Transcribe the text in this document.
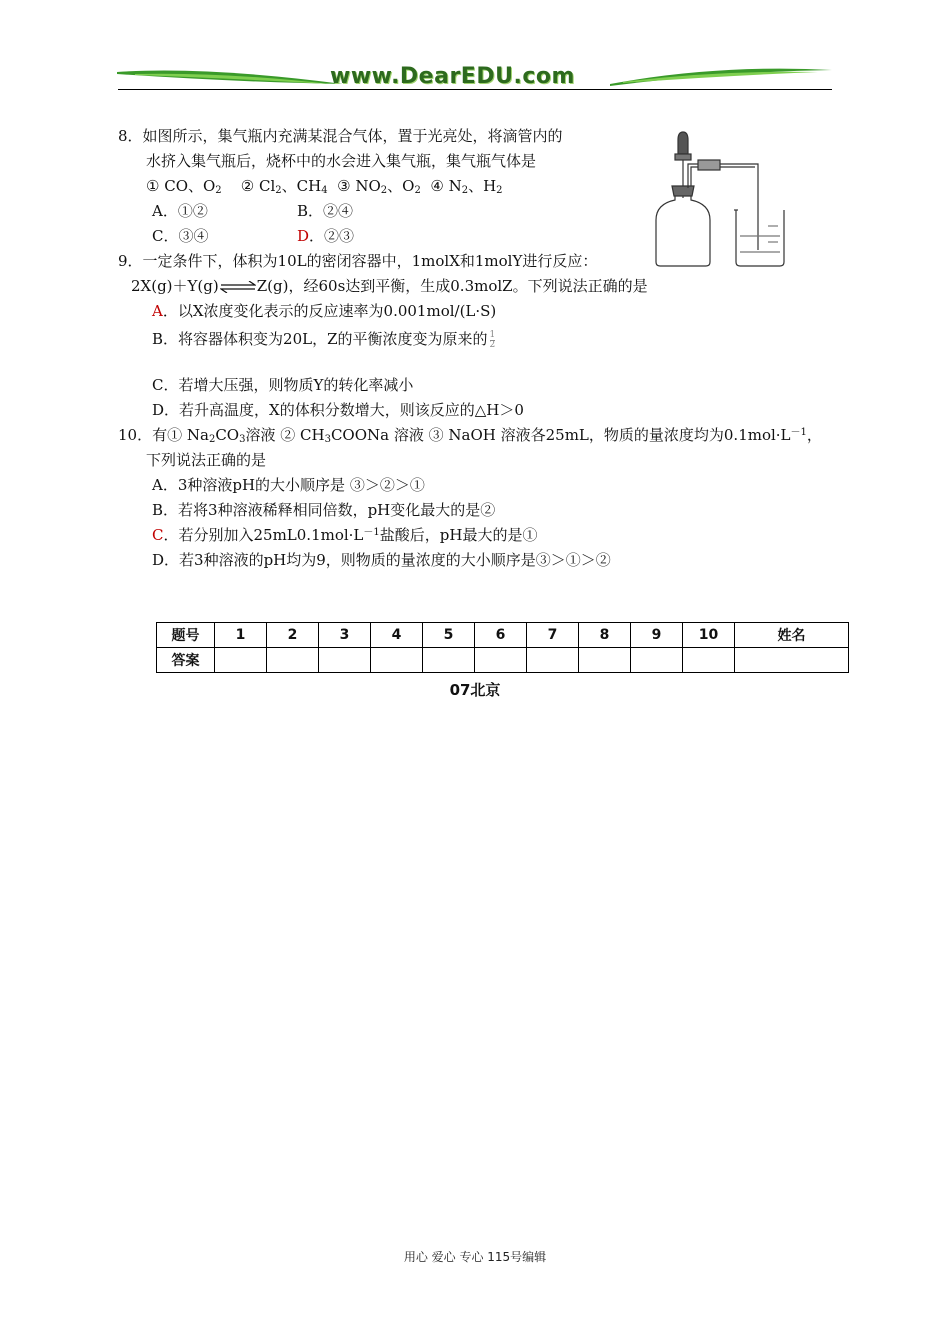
www.DearEDU.com
8．如图所示，集气瓶内充满某混合气体，置于光亮处，将滴管内的
水挤入集气瓶后，烧杯中的水会进入集气瓶，集气瓶气体是
① CO、$O_2$ ② $Cl_2$、$CH_4$ ③ $NO_2$、$O_2$ ④ $N_2$、$H_2$
A．①②	B．②④
C．③④	D．②③
9．一定条件下，体积为10L的密闭容器中，1molX和1molY进行反应：
2X(g)＋Y(g)⇌Z(g)，经60s达到平衡，生成0.3molZ。下列说法正确的是
A．以X浓度变化表示的反应速率为0.001mol/(L·S)
B．将容器体积变为20L，Z的平衡浓度变为原来的 $\frac{1}{2}$
C．若增大压强，则物质Y的转化率减小
D．若升高温度，X的体积分数增大，则该反应的△H＞0
10．有① $Na_2CO_3$溶液 ② $CH_3COONa$ 溶液 ③ NaOH 溶液各25mL，物质的量浓度均为$0.1mol\cdot L^{-1}$，
下列说法正确的是
A．3种溶液pH的大小顺序是 ③＞②＞①
B．若将3种溶液稀释相同倍数，pH变化最大的是②
C．若分别加入$25mL0.1mol\cdot L^{-1}$盐酸后，pH最大的是①
D．若3种溶液的pH均为9，则物质的量浓度的大小顺序是③＞①＞②
题号	1	2	3	4	5	6	7	8	9	10	姓名
答案											
07北京
用心 爱心 专心 115号编辑
